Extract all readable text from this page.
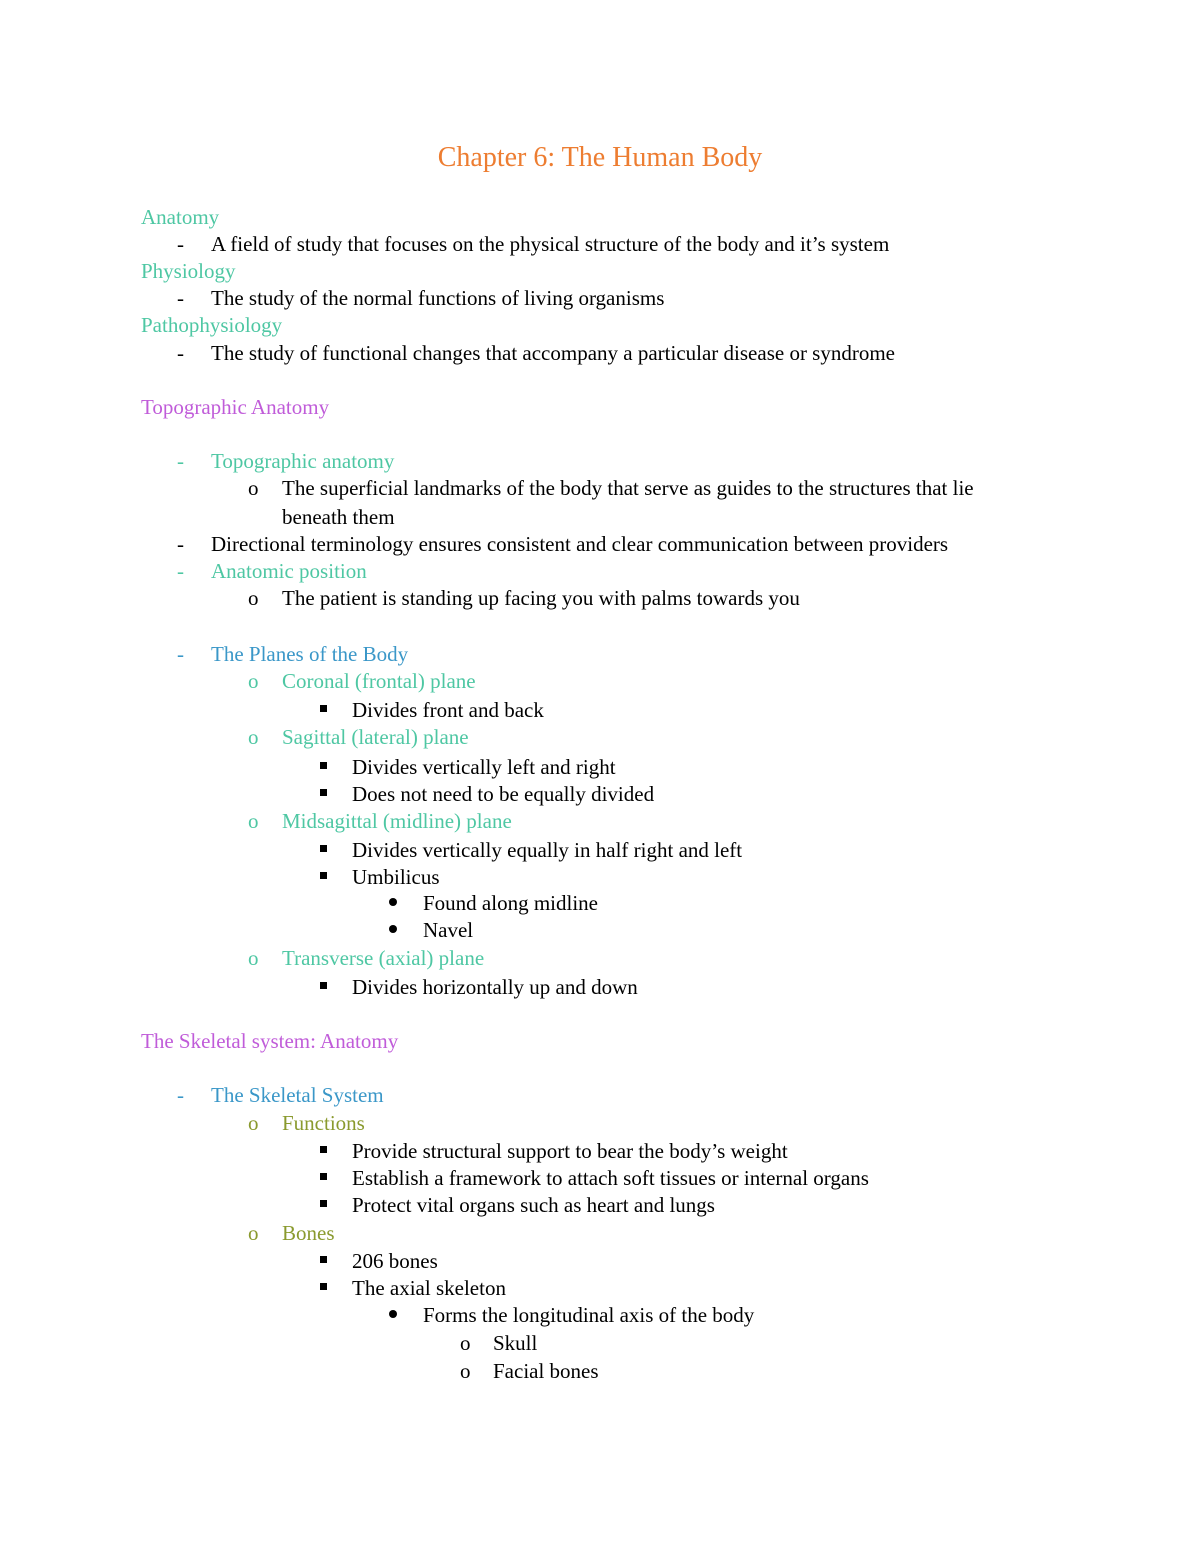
Chapter 6: The Human Body
Anatomy
- A field of study that focuses on the physical structure of the body and it’s system
Physiology
- The study of the normal functions of living organisms
Pathophysiology
- The study of functional changes that accompany a particular disease or syndrome
Topographic Anatomy
- Topographic anatomy
o The superficial landmarks of the body that serve as guides to the structures that lie
beneath them
- Directional terminology ensures consistent and clear communication between providers
- Anatomic position
o The patient is standing up facing you with palms towards you
- The Planes of the Body
o Coronal (frontal) plane
Divides front and back
o Sagittal (lateral) plane
Divides vertically left and right
Does not need to be equally divided
o Midsagittal (midline) plane
Divides vertically equally in half right and left
Umbilicus
Found along midline
Navel
o Transverse (axial) plane
Divides horizontally up and down
The Skeletal system: Anatomy
- The Skeletal System
o Functions
Provide structural support to bear the body’s weight
Establish a framework to attach soft tissues or internal organs
Protect vital organs such as heart and lungs
o Bones
206 bones
The axial skeleton
Forms the longitudinal axis of the body
o Skull
o Facial bones
